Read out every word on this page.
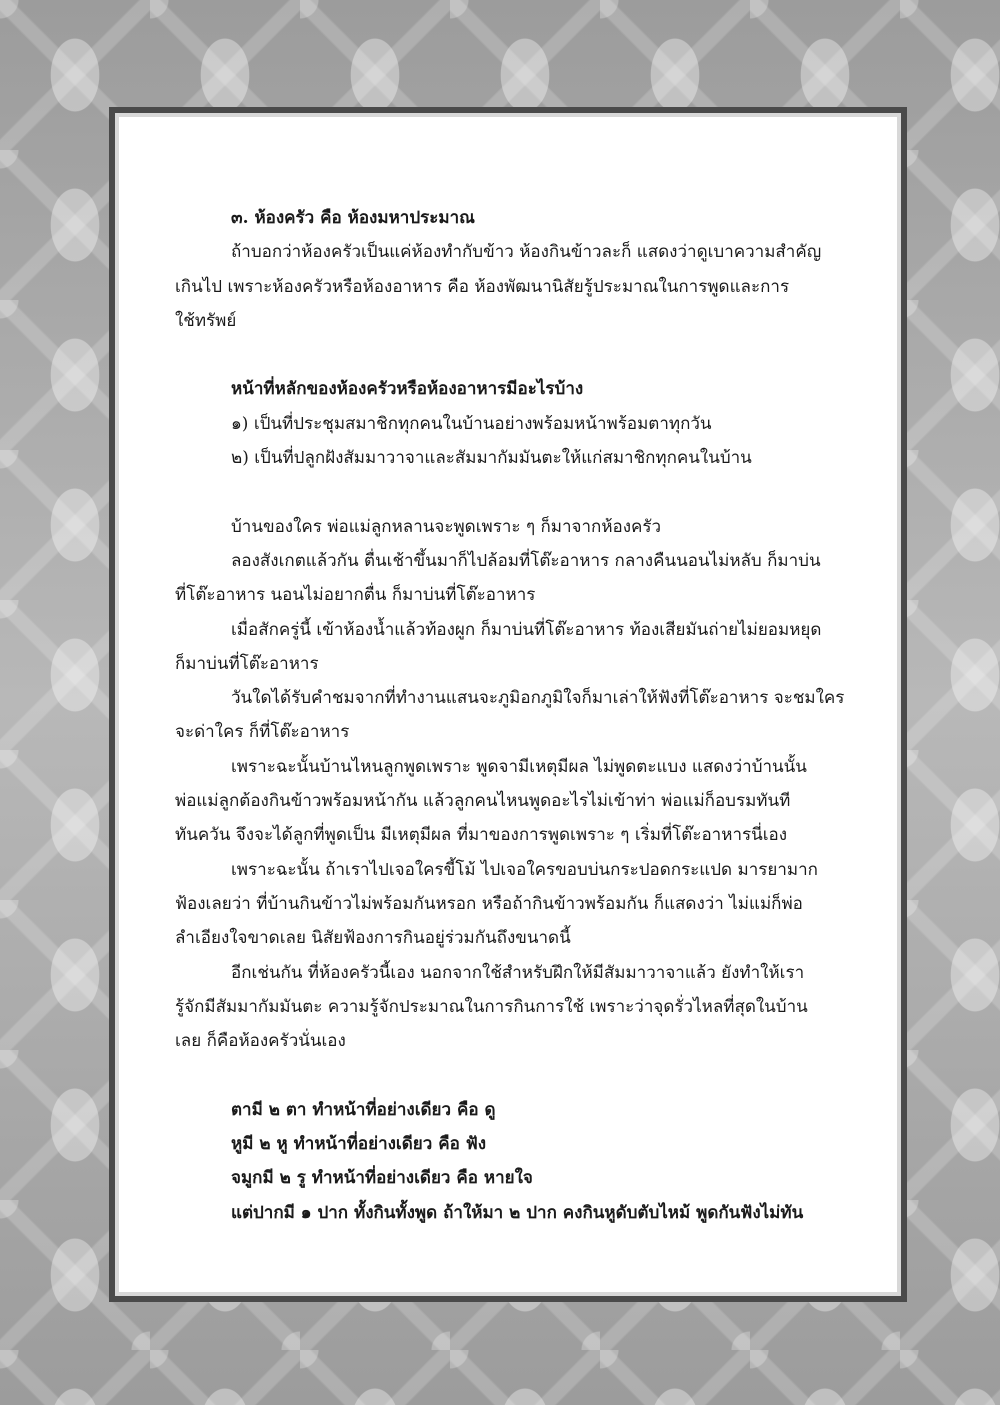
๓. ห้องครัว คือ ห้องมหาประมาณ
ถ้าบอกว่าห้องครัวเป็นแค่ห้องทำกับข้าว ห้องกินข้าวละก็ แสดงว่าดูเบาความสำคัญ
เกินไป เพราะห้องครัวหรือห้องอาหาร คือ ห้องพัฒนานิสัยรู้ประมาณในการพูดและการ
ใช้ทรัพย์
หน้าที่หลักของห้องครัวหรือห้องอาหารมีอะไรบ้าง
๑) เป็นที่ประชุมสมาชิกทุกคนในบ้านอย่างพร้อมหน้าพร้อมตาทุกวัน
๒) เป็นที่ปลูกฝังสัมมาวาจาและสัมมากัมมันตะให้แก่สมาชิกทุกคนในบ้าน
บ้านของใคร พ่อแม่ลูกหลานจะพูดเพราะ ๆ ก็มาจากห้องครัว
ลองสังเกตแล้วกัน ตื่นเช้าขึ้นมาก็ไปล้อมที่โต๊ะอาหาร กลางคืนนอนไม่หลับ ก็มาบ่น
ที่โต๊ะอาหาร นอนไม่อยากตื่น ก็มาบ่นที่โต๊ะอาหาร
เมื่อสักครู่นี้ เข้าห้องน้ำแล้วท้องผูก ก็มาบ่นที่โต๊ะอาหาร ท้องเสียมันถ่ายไม่ยอมหยุด
ก็มาบ่นที่โต๊ะอาหาร
วันใดได้รับคำชมจากที่ทำงานแสนจะภูมิอกภูมิใจก็มาเล่าให้ฟังที่โต๊ะอาหาร จะชมใคร
จะด่าใคร ก็ที่โต๊ะอาหาร
เพราะฉะนั้นบ้านไหนลูกพูดเพราะ พูดจามีเหตุมีผล ไม่พูดตะแบง แสดงว่าบ้านนั้น
พ่อแม่ลูกต้องกินข้าวพร้อมหน้ากัน แล้วลูกคนไหนพูดอะไรไม่เข้าท่า พ่อแม่ก็อบรมทันที
ทันควัน จึงจะได้ลูกที่พูดเป็น มีเหตุมีผล ที่มาของการพูดเพราะ ๆ เริ่มที่โต๊ะอาหารนี่เอง
เพราะฉะนั้น ถ้าเราไปเจอใครขี้โม้ ไปเจอใครขอบบ่นกระปอดกระแปด มารยามาก
ฟ้องเลยว่า ที่บ้านกินข้าวไม่พร้อมกันหรอก หรือถ้ากินข้าวพร้อมกัน ก็แสดงว่า ไม่แม่ก็พ่อ
ลำเอียงใจขาดเลย นิสัยฟ้องการกินอยู่ร่วมกันถึงขนาดนี้
อีกเช่นกัน ที่ห้องครัวนี้เอง นอกจากใช้สำหรับฝึกให้มีสัมมาวาจาแล้ว ยังทำให้เรา
รู้จักมีสัมมากัมมันตะ ความรู้จักประมาณในการกินการใช้ เพราะว่าจุดรั่วไหลที่สุดในบ้าน
เลย ก็คือห้องครัวนั่นเอง
ตามี ๒ ตา ทำหน้าที่อย่างเดียว คือ ดู
หูมี ๒ หู ทำหน้าที่อย่างเดียว คือ ฟัง
จมูกมี ๒ รู ทำหน้าที่อย่างเดียว คือ หายใจ
แต่ปากมี ๑ ปาก ทั้งกินทั้งพูด ถ้าให้มา ๒ ปาก คงกินหูดับตับไหม้ พูดกันฟังไม่ทัน
